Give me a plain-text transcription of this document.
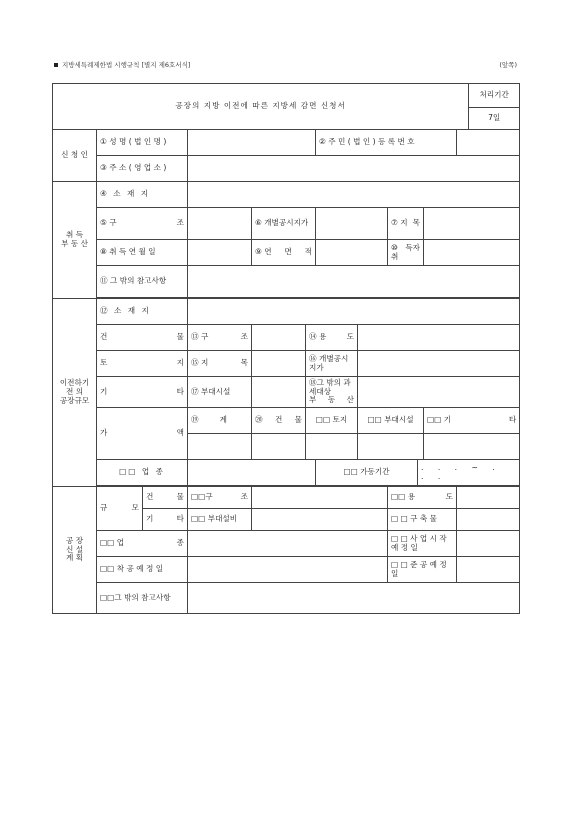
지방세특례제한법 시행규칙 [별지 제6호서식]	(앞쪽)
공장의 지방 이전에 따른 지방세 감면 신청서												처리기간
												7일
신 청 인	① 성 명 ( 법 인 명 )					② 주 민 ( 법 인 ) 등 록 번 호						
	③ 주 소 ( 영 업 소 )											
취 득
부 동 산	④ 소 재 지											

	⑤ 구 조			⑥ 개별공시지가				⑦ 지 목				

	⑧ 취 득 연 월 일			⑨ 연 면 적				⑩ 취
득 자				

	⑪ 그 밖의 참고사항											

이전하기
전 의
공장규모	⑫ 소 재 지											

	건 물		⑬ 구 조		⑭ 용 도							

	토 지		⑮ 지 목		⑯ 개별공시지가							

	기 타		⑰ 부대시설		⑱그 밖의 과세대상
부 동 산							

	가 액		⑲ 계	⑳ 건 물	□□ 토지		□□ 부대시설			□□ 기 타		

	□□ 업 종					□□ 가동기간			. . . ~ . . .			

공 장
신 설
계 획	규 모	건 물	□□구 조					□□ 용 도				

		기 타	□□ 부대설비					□ □ 구 축 물				

	□□ 업 종							□ □ 사 업 시 작 예 정 일				
	□□ 착 공 예 정 일							□ □ 준 공 예 정 일				
	□□그 밖의 참고사항											
